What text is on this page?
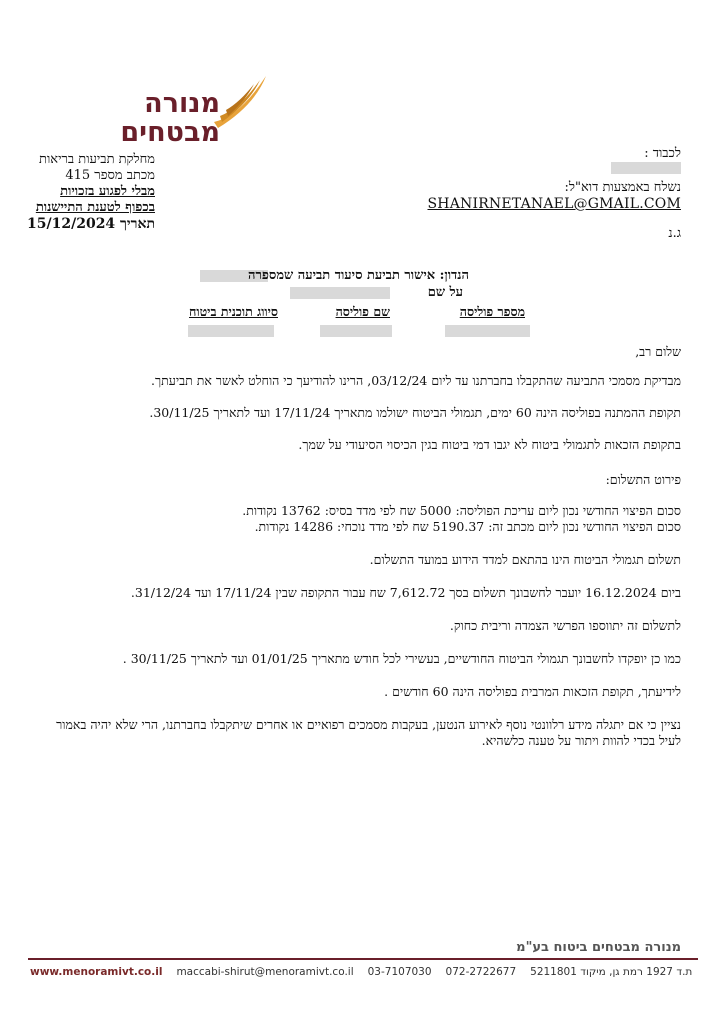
מנורה
מבטחים
מחלקת תביעות בריאות
מכתב מספר 415
מבלי לפגוע בזכויות
בכפוף לטענת התיישנות
תאריך 15/12/2024
לכבוד :
נשלח באמצעות דוא"ל:
SHANIRNETANAEL@GMAIL.COM
ג.נ
הנדון: אישור תביעת סיעוד תביעה שמספרה
על שם
מספר פוליסה
שם פוליסה
סיווג תוכנית ביטוח
שלום רב,
מבדיקת מסמכי התביעה שהתקבלו בחברתנו עד ליום 03/12/24, הרינו להודיעך כי הוחלט לאשר את תביעתך.
תקופת ההמתנה בפוליסה הינה 60 ימים, תגמולי הביטוח ישולמו מתאריך 17/11/24 ועד לתאריך 30/11/25.
בתקופת הזכאות לתגמולי ביטוח לא יגבו דמי ביטוח בגין הכיסוי הסיעודי על שמך.
פירוט התשלום:
סכום הפיצוי החודשי נכון ליום עריכת הפוליסה: 5000 שח לפי מדד בסיס: 13762 נקודות.
סכום הפיצוי החודשי נכון ליום מכתב זה: 5190.37 שח לפי מדד נוכחי: 14286 נקודות.
תשלום תגמולי הביטוח הינו בהתאם למדד הידוע במועד התשלום.
ביום 16.12.2024 יועבר לחשבונך תשלום בסך 7,612.72 שח עבור התקופה שבין 17/11/24 ועד 31/12/24.
לתשלום זה יתווספו הפרשי הצמדה וריבית כחוק.
כמו כן יופקדו לחשבונך תגמולי הביטוח החודשיים, בעשירי לכל חודש מתאריך 01/01/25 ועד לתאריך 30/11/25 .
לידיעתך, תקופת הזכאות המרבית בפוליסה הינה 60 חודשים .
נציין כי אם יתגלה מידע רלוונטי נוסף לאירוע הנטען, בעקבות מסמכים רפואיים או אחרים שיתקבלו בחברתנו, הרי שלא יהיה באמור לעיל בכדי להוות ויתור על טענה כלשהיא.
מנורה מבטחים ביטוח בע"מ
www.menoramivt.co.il maccabi-shirut@menoramivt.co.il 03-7107030 072-2722677 ת.ד 1927 רמת גן, מיקוד 5211801
